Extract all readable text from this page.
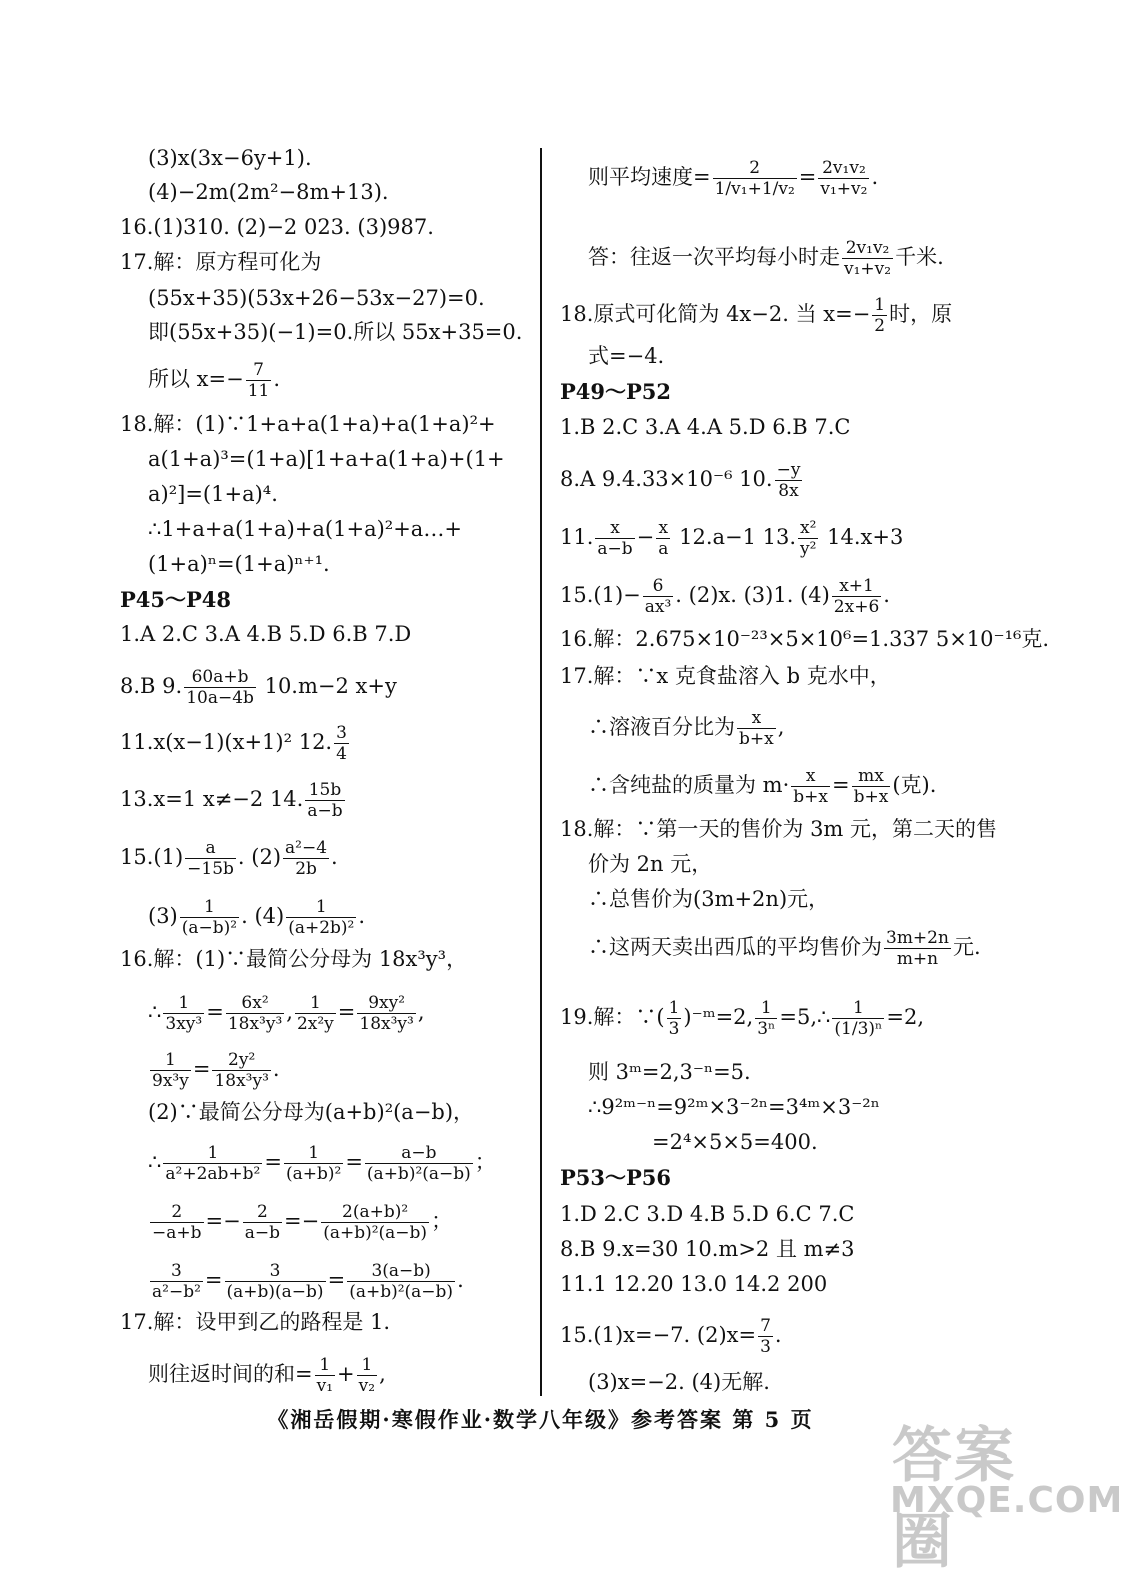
(3)x(3x−6y+1).
(4)−2m(2m²−8m+13).
16.(1)310. (2)−2 023. (3)987.
17.解：原方程可化为
(55x+35)(53x+26−53x−27)=0.
即(55x+35)(−1)=0.所以 55x+35=0.
所以 $x=- \frac{7}{11}$ .
18.解：(1)∵1+a+a(1+a)+a(1+a)²+
a(1+a)³=(1+a)[1+a+a(1+a)+(1+
a)²]=(1+a)⁴.
∴1+a+a(1+a)+a(1+a)²+a…+
(1+a)ⁿ=(1+a)ⁿ⁺¹.
P45～P48
1.A 2.C 3.A 4.B 5.D 6.B 7.D
8.B 9. $\frac{60a+b}{10a-4b} 10.m-2$ x+y
11.x(x−1)(x+1)² 12. $\frac{3}{4}$
13.x=1 x≠−2 14. $\frac{15b}{a-b}$
$15.(1) \frac{a}{-15b}$ . $(2) \frac{\text{a²−4}}{2b}$ .
$(3) \frac{1}{\text{(a−b)²}}$ . $(4) \frac{1}{\text{(a+2b)²}}$ .
16.解：(1)∵最简公分母为 18x³y³，
∴ $\frac{1}{\text{3xy³}} = \frac{\text{6x²}}{\text{18x³y³}}$ , $\frac{1}{\text{2x²y}} = \frac{\text{9xy²}}{\text{18x³y³}}$ ,
$\frac{1}{\text{9x³y}} = \frac{\text{2y²}}{\text{18x³y³}}$ .
(2)∵最简公分母为(a+b)²(a−b)，
∴ $\frac{1}{\text{a²+2ab+b²}} = \frac{1}{\text{(a+b)²}} = \frac{a-b}{\text{(a+b)²(a−b)}}$ ；
$\frac{2}{-a+b} =- \frac{2}{a-b} =- \frac{\text{2(a+b)²}}{\text{(a+b)²(a−b)}}$ ；
$\frac{3}{\text{a²−b²}} = \frac{3}{(a+b)(a-b)} = \frac{3(a-b)}{\text{(a+b)²(a−b)}}$ .
17.解：设甲到乙的路程是 1.
则往返时间的和= $\frac{1}{\text{v₁}} + \frac{1}{\text{v₂}}$ ,
则平均速度= $\frac{2}{\text{1/v₁+1/v₂}} = \frac{\text{2v₁v₂}}{\text{v₁+v₂}}$ .
答：往返一次平均每小时走 $\frac{\text{2v₁v₂}}{\text{v₁+v₂}}$ 千米.
18.原式可化简为 4x−2. 当 $x=- \frac{1}{2}$ 时，原
式=−4.
P49～P52
1.B 2.C 3.A 4.A 5.D 6.B 7.C
8.A 9.4.33×10⁻⁶ 10. $\frac{-y}{8x}$
11. $\frac{x}{a-b} - \frac{x}{a} 12.a-1$ 13. $\frac{\text{x²}}{\text{y²}} 14.x+3$
$15.(1)- \frac{6}{\text{ax³}}$ . (2)x. (3)1. $(4) \frac{x+1}{2x+6}$ .
16.解：2.675×10⁻²³×5×10⁶=1.337 5×10⁻¹⁶克.
17.解：∵x 克食盐溶入 b 克水中，
∴溶液百分比为 $\frac{x}{b+x}$ ,
∴含纯盐的质量为 $m\cdot \frac{x}{b+x} = \frac{mx}{b+x}$ (克).
18.解：∵第一天的售价为 3m 元，第二天的售
价为 2n 元，
∴总售价为(3m+2n)元，
∴这两天卖出西瓜的平均售价为 $\frac{3m+2n}{m+n}$ 元.
19.解：∵( $\frac{1}{3}$ )⁻ᵐ=2, $\frac{1}{\text{3ⁿ}}$ =5,∴ $\frac{1}{\text{(1/3)ⁿ}} =2$,
则 3ᵐ=2,3⁻ⁿ=5.
∴9²ᵐ⁻ⁿ=9²ᵐ×3⁻²ⁿ=3⁴ᵐ×3⁻²ⁿ
=2⁴×5×5=400.
P53～P56
1.D 2.C 3.D 4.B 5.D 6.C 7.C
8.B 9.x=30 10.m>2 且 m≠3
11.1 12.20 13.0 14.2 200
15.(1)x=−7. $(2)x= \frac{7}{3}$ .
(3)x=−2. (4)无解.
《湘岳假期·寒假作业·数学八年级》参考答案 第 5 页
答案圈
MXQE.COM
